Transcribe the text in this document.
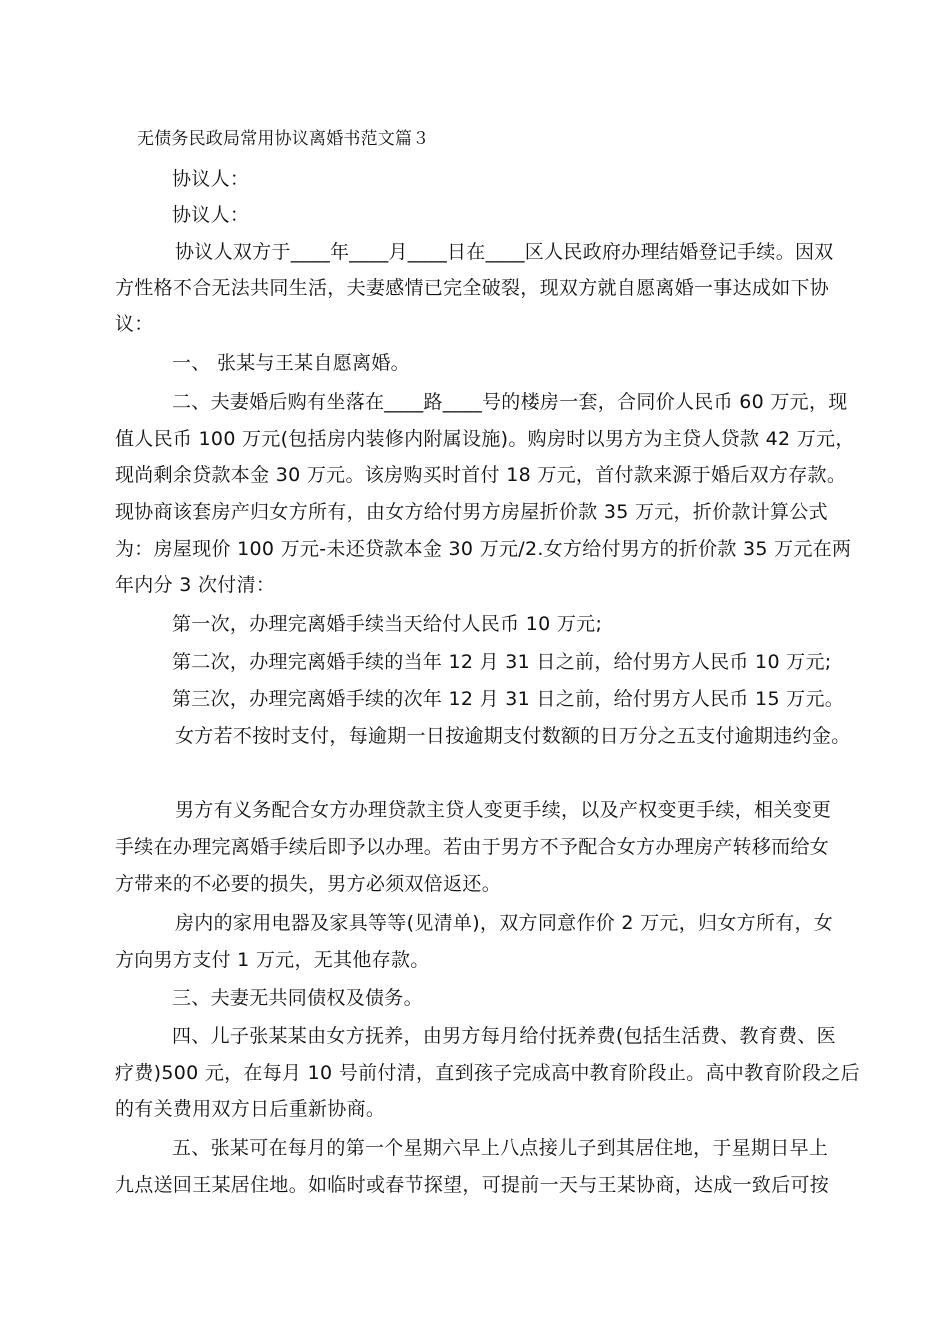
无债务民政局常用协议离婚书范文篇３
协议人：
协议人：
协议人双方于____年____月____日在____区人民政府办理结婚登记手续。因双
方性格不合无法共同生活，夫妻感情已完全破裂，现双方就自愿离婚一事达成如下协
议：
一、 张某与王某自愿离婚。
二、夫妻婚后购有坐落在____路____号的楼房一套，合同价人民币 60 万元，现
值人民币 100 万元(包括房内装修内附属设施)。购房时以男方为主贷人贷款 42 万元，
现尚剩余贷款本金 30 万元。该房购买时首付 18 万元，首付款来源于婚后双方存款。
现协商该套房产归女方所有，由女方给付男方房屋折价款 35 万元，折价款计算公式
为：房屋现价 100 万元-未还贷款本金 30 万元/2.女方给付男方的折价款 35 万元在两
年内分 3 次付清：
第一次，办理完离婚手续当天给付人民币 10 万元;
第二次，办理完离婚手续的当年 12 月 31 日之前，给付男方人民币 10 万元;
第三次，办理完离婚手续的次年 12 月 31 日之前，给付男方人民币 15 万元。
女方若不按时支付，每逾期一日按逾期支付数额的日万分之五支付逾期违约金。
男方有义务配合女方办理贷款主贷人变更手续，以及产权变更手续，相关变更
手续在办理完离婚手续后即予以办理。若由于男方不予配合女方办理房产转移而给女
方带来的不必要的损失，男方必须双倍返还。
房内的家用电器及家具等等(见清单)，双方同意作价 2 万元，归女方所有，女
方向男方支付 1 万元，无其他存款。
三、夫妻无共同债权及债务。
四、儿子张某某由女方抚养，由男方每月给付抚养费(包括生活费、教育费、医
疗费)500 元，在每月 10 号前付清，直到孩子完成高中教育阶段止。高中教育阶段之后
的有关费用双方日后重新协商。
五、张某可在每月的第一个星期六早上八点接儿子到其居住地，于星期日早上
九点送回王某居住地。如临时或春节探望，可提前一天与王某协商，达成一致后可按
